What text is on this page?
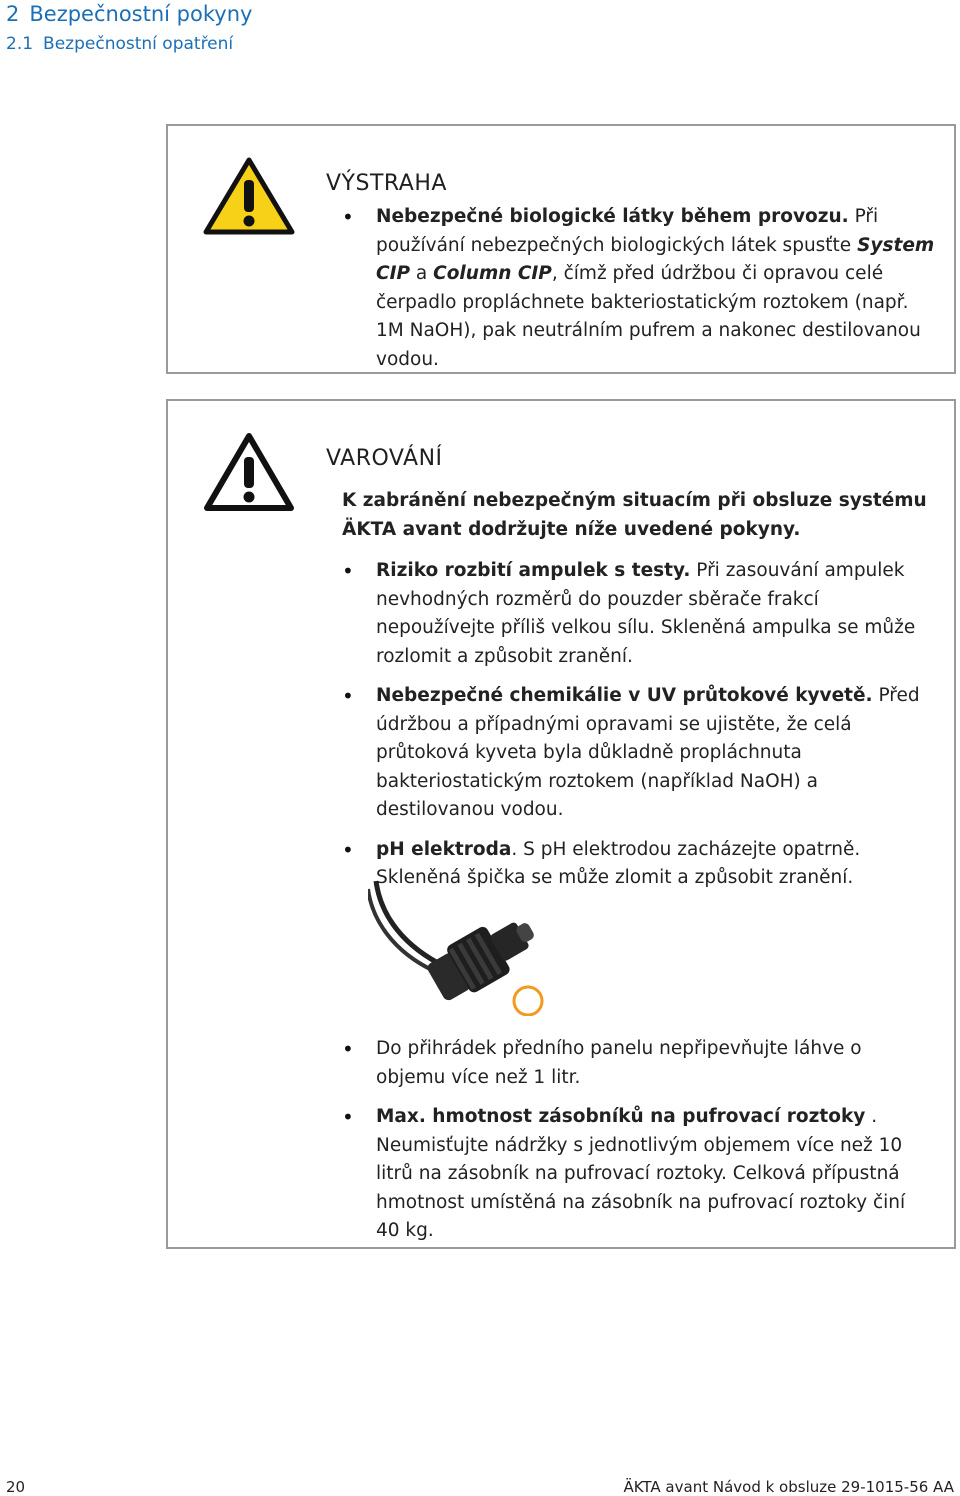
2 Bezpečnostní pokyny
2.1 Bezpečnostní opatření
VÝSTRAHA
• Nebezpečné biologické látky během provozu. Při používání nebezpečných biologických látek spusťte System CIP a Column CIP, čímž před údržbou či opravou celé čerpadlo propláchnete bakteriostatickým roztokem (např. 1M NaOH), pak neutrálním pufrem a nakonec destilovanou vodou.
VAROVÁNÍ
K zabránění nebezpečným situacím při obsluze systému ÄKTA avant dodržujte níže uvedené pokyny.
• Riziko rozbití ampulek s testy. Při zasouvání ampulek nevhodných rozměrů do pouzder sběrače frakcí nepoužívejte příliš velkou sílu. Skleněná ampulka se může rozlomit a způsobit zranění.
• Nebezpečné chemikálie v UV průtokové kyvetě. Před údržbou a případnými opravami se ujistěte, že celá průtoková kyveta byla důkladně propláchnuta bakteriostatickým roztokem (například NaOH) a destilovanou vodou.
• pH elektroda. S pH elektrodou zacházejte opatrně. Skleněná špička se může zlomit a způsobit zranění.
• Do přihrádek předního panelu nepřipevňujte láhve o objemu více než 1 litr.
• Max. hmotnost zásobníků na pufrovací roztoky . Neumisťujte nádržky s jednotlivým objemem více než 10 litrů na zásobník na pufrovací roztoky. Celková přípustná hmotnost umístěná na zásobník na pufrovací roztoky činí 40 kg.
20	ÄKTA avant Návod k obsluze 29-1015-56 AA
